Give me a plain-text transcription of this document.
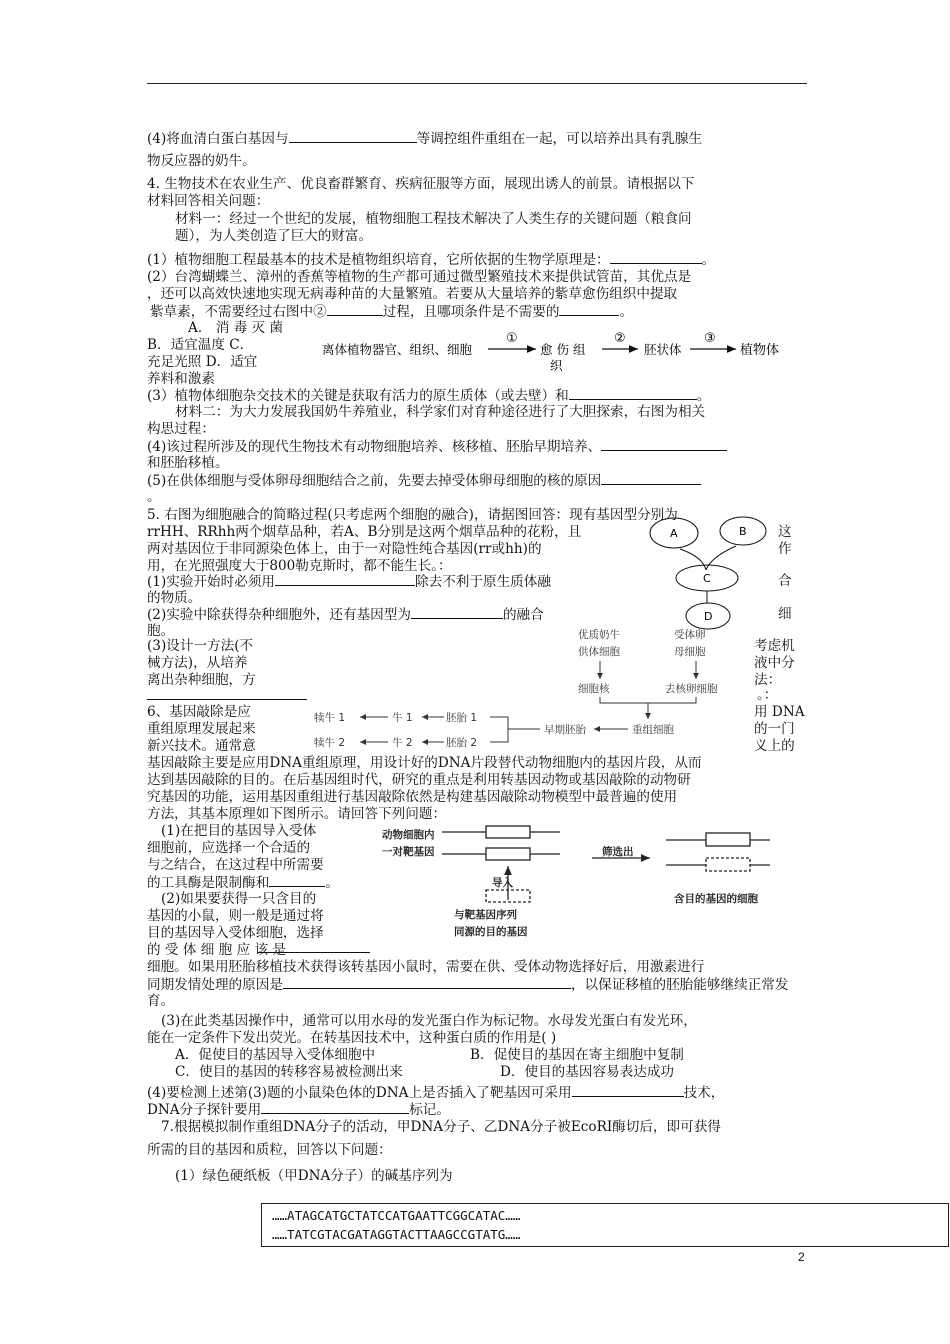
(4)将血清白蛋白基因与	等调控组件重组在一起，可以培养出具有乳腺生
物反应器的奶牛。
4. 生物技术在农业生产、优良畜群繁育、疾病征服等方面，展现出诱人的前景。请根据以下
材料回答相关问题：
材料一：经过一个世纪的发展，植物细胞工程技术解决了人类生存的关键问题（粮食问
题），为人类创造了巨大的财富。
(1）植物细胞工程最基本的技术是植物组织培育，它所依据的生物学原理是：	。
(2）台湾蝴蝶兰、漳州的香蕉等植物的生产都可通过微型繁殖技术来提供试管苗，其优点是
，还可以高效快速地实现无病毒种苗的大量繁殖。若要从大量培养的紫草愈伤组织中提取
紫草素，不需要经过右图中②	过程，且哪项条件是不需要的	。
A． 消 毒 灭 菌
B．适宜温度 C．
充足光照 D．适宜
养料和激素
离体植物器官、组织、细胞
①
愈 伤 组
织
②
胚状体
③
植物体
(3）植物体细胞杂交技术的关键是获取有活力的原生质体（或去壁）和	。
材料二：为大力发展我国奶牛养殖业，科学家们对育种途径进行了大胆探索，右图为相关
构思过程：
(4)该过程所涉及的现代生物技术有动物细胞培养、核移植、胚胎早期培养、
和胚胎移植。
(5)在供体细胞与受体卵母细胞结合之前，先要去掉受体卵母细胞的核的原因
。
5. 右图为细胞融合的简略过程(只考虑两个细胞的融合)，请据图回答：现有基因型分别为
rrHH、RRhh两个烟草品种，若A、B分别是这两个烟草品种的花粉，且
两对基因位于非同源染色体上，由于一对隐性纯合基因(rr或hh)的
用，在光照强度大于800勒克斯时，都不能生长。：
这
作
合
细
(1)实验开始时必须用	除去不利于原生质体融
的物质。
(2)实验中除获得杂种细胞外，还有基因型为	的融合
胞。
(3)设计一方法(不
械方法)，从培养
离出杂种细胞，方
考虑机
液中分
法：
。：
A	B
C
D
优质奶牛
供体细胞
受体卵
母细胞
细胞核	去核卵细胞
重组细胞
早期胚胎
胚胎 1
胚胎 2
牛 1
牛 2
犊牛 1
犊牛 2
6、基因敲除是应
重组原理发展起来
新兴技术。通常意
用 DNA
的一门
义上的
基因敲除主要是应用DNA重组原理，用设计好的DNA片段替代动物细胞内的基因片段，从而
达到基因敲除的目的。在后基因组时代，研究的重点是利用转基因动物或基因敲除的动物研
究基因的功能，运用基因重组进行基因敲除依然是构建基因敲除动物模型中最普遍的使用
方法，其基本原理如下图所示。请回答下列问题：
(1)在把目的基因导入受体
细胞前，应选择一个合适的
与之结合，在这过程中所需要
的工具酶是限制酶和	。
(2)如果要获得一只含目的
基因的小鼠，则一般是通过将
目的基因导入受体细胞，选择
的 受 体 细 胞 应 该 是
细胞。如果用胚胎移植技术获得该转基因小鼠时，需要在供、受体动物选择好后，用激素进行
同期发情处理的原因是	，以保证移植的胚胎能够继续正常发
育。
动物细胞内
一对靶基因
导入
与靶基因序列
同源的目的基因
筛选出
含目的基因的细胞
(3)在此类基因操作中，通常可以用水母的发光蛋白作为标记物。水母发光蛋白有发光环，
能在一定条件下发出荧光。在转基因技术中，这种蛋白质的作用是( )
A．促使目的基因导入受体细胞中	B．促使目的基因在寄主细胞中复制
C．使目的基因的转移容易被检测出来	D．使目的基因容易表达成功
(4)要检测上述第(3)题的小鼠染色体的DNA上是否插入了靶基因可采用	技术，
DNA分子探针要用	标记。
7.根据模拟制作重组DNA分子的活动，甲DNA分子、乙DNA分子被EcoRI酶切后，即可获得
所需的目的基因和质粒，回答以下问题：
(1）绿色硬纸板（甲DNA分子）的碱基序列为
……ATAGCATGCTATCCATGAATTCGGCATAC……
……TATCGTACGATAGGTACTTAAGCCGTATG……
2
